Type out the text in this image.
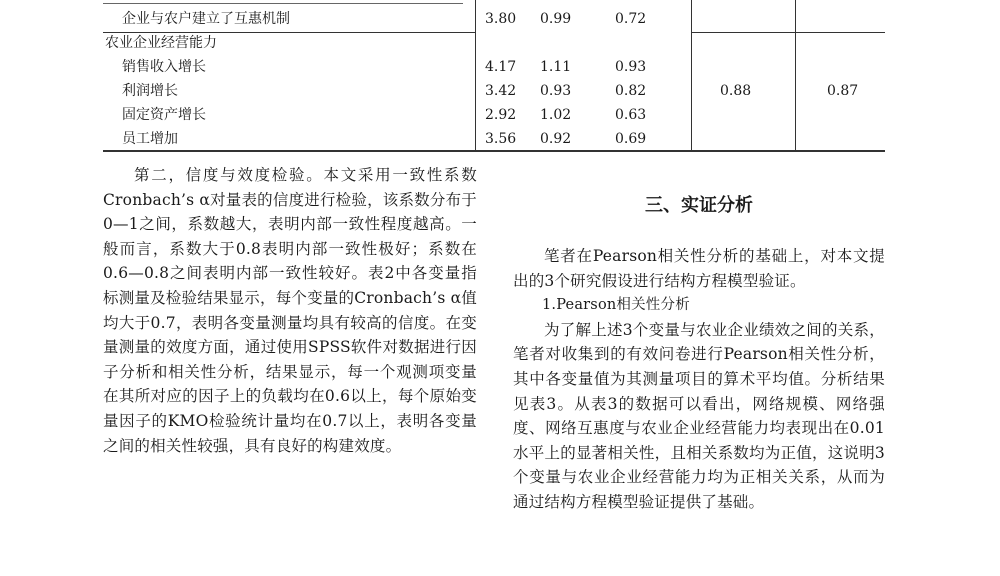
企业与农户建立了互惠机制	3.80 0.99	0.72
农业企业经营能力
销售收入增长	4.17 1.11	0.93
利润增长	3.42 0.93	0.82
固定资产增长	2.92 1.02	0.63
员工增加	3.56 0.92	0.69
0.88	0.87

第二，信度与效度检验。本文采用一致性系数Cronbach’s α对量表的信度进行检验，该系数分布于0—1之间，系数越大，表明内部一致性程度越高。一般而言，系数大于0.8表明内部一致性极好；系数在0.6—0.8之间表明内部一致性较好。表2中各变量指标测量及检验结果显示，每个变量的Cronbach’s α值均大于0.7，表明各变量测量均具有较高的信度。在变量测量的效度方面，通过使用SPSS软件对数据进行因子分析和相关性分析，结果显示，每一个观测项变量在其所对应的因子上的负载均在0.6以上，每个原始变量因子的KMO检验统计量均在0.7以上，表明各变量之间的相关性较强，具有良好的构建效度。

三、实证分析

笔者在Pearson相关性分析的基础上，对本文提出的3个研究假设进行结构方程模型验证。

1.Pearson相关性分析

为了解上述3个变量与农业企业绩效之间的关系，笔者对收集到的有效问卷进行Pearson相关性分析，其中各变量值为其测量项目的算术平均值。分析结果见表3。从表3的数据可以看出，网络规模、网络强度、网络互惠度与农业企业经营能力均表现出在0.01水平上的显著相关性，且相关系数均为正值，这说明3个变量与农业企业经营能力均为正相关关系，从而为通过结构方程模型验证提供了基础。
